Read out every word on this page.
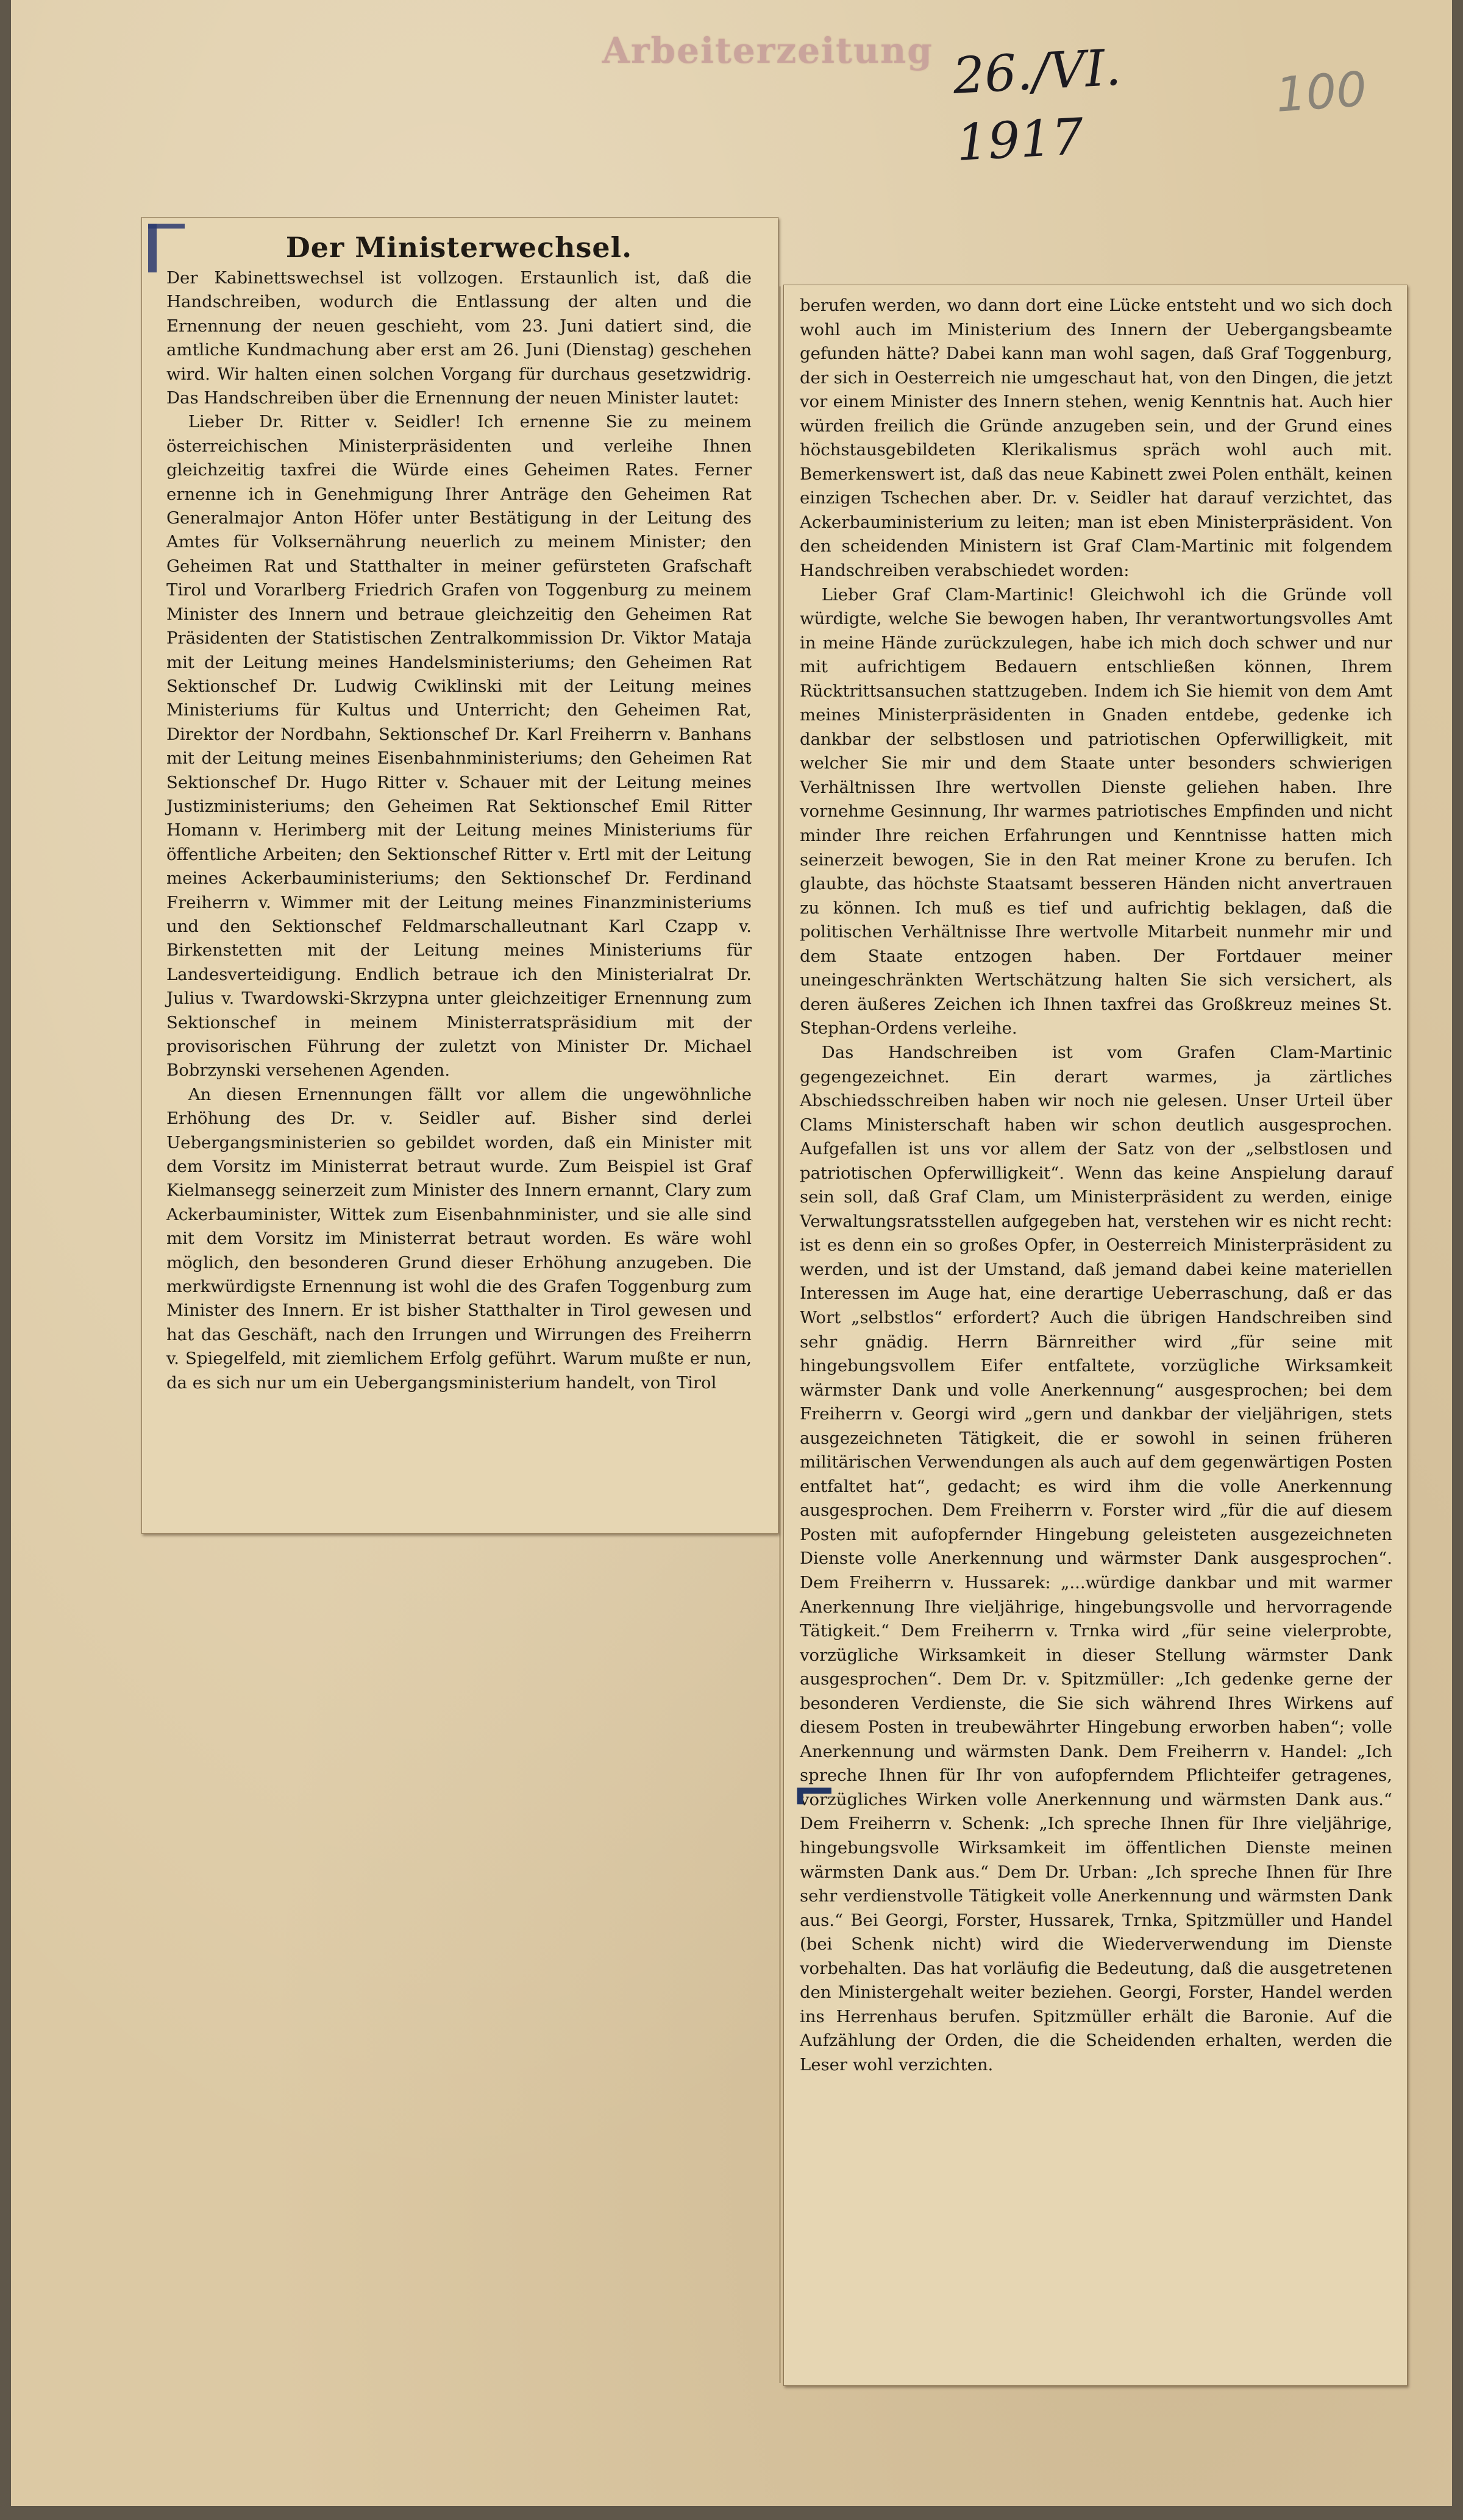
Arbeiterzeitung 26./VI. 1917
100
Der Ministerwechsel.

Der Kabinettswechsel ist vollzogen. Erstaunlich ist, daß die Handschreiben, wodurch die Entlassung der alten und die Ernennung der neuen geschieht, vom 23. Juni datiert sind, die amtliche Kundmachung aber erst am 26. Juni (Dienstag) geschehen wird. Wir halten einen solchen Vorgang für durchaus gesetzwidrig. Das Handschreiben über die Ernennung der neuen Minister lautet:

Lieber Dr. Ritter v. Seidler! Ich ernenne Sie zu meinem österreichischen Ministerpräsidenten und verleihe Ihnen gleichzeitig taxfrei die Würde eines Geheimen Rates. Ferner ernenne ich in Genehmigung Ihrer Anträge den Geheimen Rat Generalmajor Anton Höfer unter Bestätigung in der Leitung des Amtes für Volksernährung neuerlich zu meinem Minister; den Geheimen Rat und Statthalter in meiner gefürsteten Grafschaft Tirol und Vorarlberg Friedrich Grafen von Toggenburg zu meinem Minister des Innern und betraue gleichzeitig den Geheimen Rat Präsidenten der Statistischen Zentralkommission Dr. Viktor Mataja mit der Leitung meines Handelsministeriums; den Geheimen Rat Sektionschef Dr. Ludwig Cwiklinski mit der Leitung meines Ministeriums für Kultus und Unterricht; den Geheimen Rat, Direktor der Nordbahn, Sektionschef Dr. Karl Freiherrn v. Banhans mit der Leitung meines Eisenbahnministeriums; den Geheimen Rat Sektionschef Dr. Hugo Ritter v. Schauer mit der Leitung meines Justizministeriums; den Geheimen Rat Sektionschef Emil Ritter Homann v. Herimberg mit der Leitung meines Ministeriums für öffentliche Arbeiten; den Sektionschef Ritter v. Ertl mit der Leitung meines Ackerbauministeriums; den Sektionschef Dr. Ferdinand Freiherrn v. Wimmer mit der Leitung meines Finanzministeriums und den Sektionschef Feldmarschalleutnant Karl Czapp v. Birkenstetten mit der Leitung meines Ministeriums für Landesverteidigung. Endlich betraue ich den Ministerialrat Dr. Julius v. Twardowski-Skrzypna unter gleichzeitiger Ernennung zum Sektionschef in meinem Ministerratspräsidium mit der provisorischen Führung der zuletzt von Minister Dr. Michael Bobrzynski versehenen Agenden.

An diesen Ernennungen fällt vor allem die ungewöhnliche Erhöhung des Dr. v. Seidler auf. Bisher sind derlei Uebergangsministerien so gebildet worden, daß ein Minister mit dem Vorsitz im Ministerrat betraut wurde. Zum Beispiel ist Graf Kielmansegg seinerzeit zum Minister des Innern ernannt, Clary zum Ackerbauminister, Wittek zum Eisenbahnminister, und sie alle sind mit dem Vorsitz im Ministerrat betraut worden. Es wäre wohl möglich, den besonderen Grund dieser Erhöhung anzugeben. Die merkwürdigste Ernennung ist wohl die des Grafen Toggenburg zum Minister des Innern. Er ist bisher Statthalter in Tirol gewesen und hat das Geschäft, nach den Irrungen und Wirrungen des Freiherrn v. Spiegelfeld, mit ziemlichem Erfolg geführt. Warum mußte er nun, da es sich nur um ein Uebergangsministerium handelt, von Tirol

berufen werden, wo dann dort eine Lücke entsteht und wo sich doch wohl auch im Ministerium des Innern der Uebergangsbeamte gefunden hätte? Dabei kann man wohl sagen, daß Graf Toggenburg, der sich in Oesterreich nie umgeschaut hat, von den Dingen, die jetzt vor einem Minister des Innern stehen, wenig Kenntnis hat. Auch hier würden freilich die Gründe anzugeben sein, und der Grund eines höchstausgebildeten Klerikalismus spräch wohl auch mit. Bemerkenswert ist, daß das neue Kabinett zwei Polen enthält, keinen einzigen Tschechen aber. Dr. v. Seidler hat darauf verzichtet, das Ackerbauministerium zu leiten; man ist eben Ministerpräsident. Von den scheidenden Ministern ist Graf Clam-Martinic mit folgendem Handschreiben verabschiedet worden:

Lieber Graf Clam-Martinic! Gleichwohl ich die Gründe voll würdigte, welche Sie bewogen haben, Ihr verantwortungsvolles Amt in meine Hände zurückzulegen, habe ich mich doch schwer und nur mit aufrichtigem Bedauern entschließen können, Ihrem Rücktrittsansuchen stattzugeben. Indem ich Sie hiemit von dem Amt meines Ministerpräsidenten in Gnaden entdebe, gedenke ich dankbar der selbstlosen und patriotischen Opferwilligkeit, mit welcher Sie mir und dem Staate unter besonders schwierigen Verhältnissen Ihre wertvollen Dienste geliehen haben. Ihre vornehme Gesinnung, Ihr warmes patriotisches Empfinden und nicht minder Ihre reichen Erfahrungen und Kenntnisse hatten mich seinerzeit bewogen, Sie in den Rat meiner Krone zu berufen. Ich glaubte, das höchste Staatsamt besseren Händen nicht anvertrauen zu können. Ich muß es tief und aufrichtig beklagen, daß die politischen Verhältnisse Ihre wertvolle Mitarbeit nunmehr mir und dem Staate entzogen haben. Der Fortdauer meiner uneingeschränkten Wertschätzung halten Sie sich versichert, als deren äußeres Zeichen ich Ihnen taxfrei das Großkreuz meines St. Stephan-Ordens verleihe.

Das Handschreiben ist vom Grafen Clam-Martinic gegengezeichnet. Ein derart warmes, ja zärtliches Abschiedsschreiben haben wir noch nie gelesen. Unser Urteil über Clams Ministerschaft haben wir schon deutlich ausgesprochen. Aufgefallen ist uns vor allem der Satz von der „selbstlosen und patriotischen Opferwilligkeit“. Wenn das keine Anspielung darauf sein soll, daß Graf Clam, um Ministerpräsident zu werden, einige Verwaltungsratsstellen aufgegeben hat, verstehen wir es nicht recht: ist es denn ein so großes Opfer, in Oesterreich Ministerpräsident zu werden, und ist der Umstand, daß jemand dabei keine materiellen Interessen im Auge hat, eine derartige Ueberraschung, daß er das Wort „selbstlos“ erfordert? Auch die übrigen Handschreiben sind sehr gnädig. Herrn Bärnreither wird „für seine mit hingebungsvollem Eifer entfaltete, vorzügliche Wirksamkeit wärmster Dank und volle Anerkennung“ ausgesprochen; bei dem Freiherrn v. Georgi wird „gern und dankbar der vieljährigen, stets ausgezeichneten Tätigkeit, die er sowohl in seinen früheren militärischen Verwendungen als auch auf dem gegenwärtigen Posten entfaltet hat“, gedacht; es wird ihm die volle Anerkennung ausgesprochen. Dem Freiherrn v. Forster wird „für die auf diesem Posten mit aufopfernder Hingebung geleisteten ausgezeichneten Dienste volle Anerkennung und wärmster Dank ausgesprochen“. Dem Freiherrn v. Hussarek: „...würdige dankbar und mit warmer Anerkennung Ihre vieljährige, hingebungsvolle und hervorragende Tätigkeit.“ Dem Freiherrn v. Trnka wird „für seine vielerprobte, vorzügliche Wirksamkeit in dieser Stellung wärmster Dank ausgesprochen“. Dem Dr. v. Spitzmüller: „Ich gedenke gerne der besonderen Verdienste, die Sie sich während Ihres Wirkens auf diesem Posten in treubewährter Hingebung erworben haben“; volle Anerkennung und wärmsten Dank. Dem Freiherrn v. Handel: „Ich spreche Ihnen für Ihr von aufopferndem Pflichteifer getragenes, vorzügliches Wirken volle Anerkennung und wärmsten Dank aus.“ Dem Freiherrn v. Schenk: „Ich spreche Ihnen für Ihre vieljährige, hingebungsvolle Wirksamkeit im öffentlichen Dienste meinen wärmsten Dank aus.“ Dem Dr. Urban: „Ich spreche Ihnen für Ihre sehr verdienstvolle Tätigkeit volle Anerkennung und wärmsten Dank aus.“ Bei Georgi, Forster, Hussarek, Trnka, Spitzmüller und Handel (bei Schenk nicht) wird die Wiederverwendung im Dienste vorbehalten. Das hat vorläufig die Bedeutung, daß die ausgetretenen den Ministergehalt weiter beziehen. Georgi, Forster, Handel werden ins Herrenhaus berufen. Spitzmüller erhält die Baronie. Auf die Aufzählung der Orden, die die Scheidenden erhalten, werden die Leser wohl verzichten.

⌐
